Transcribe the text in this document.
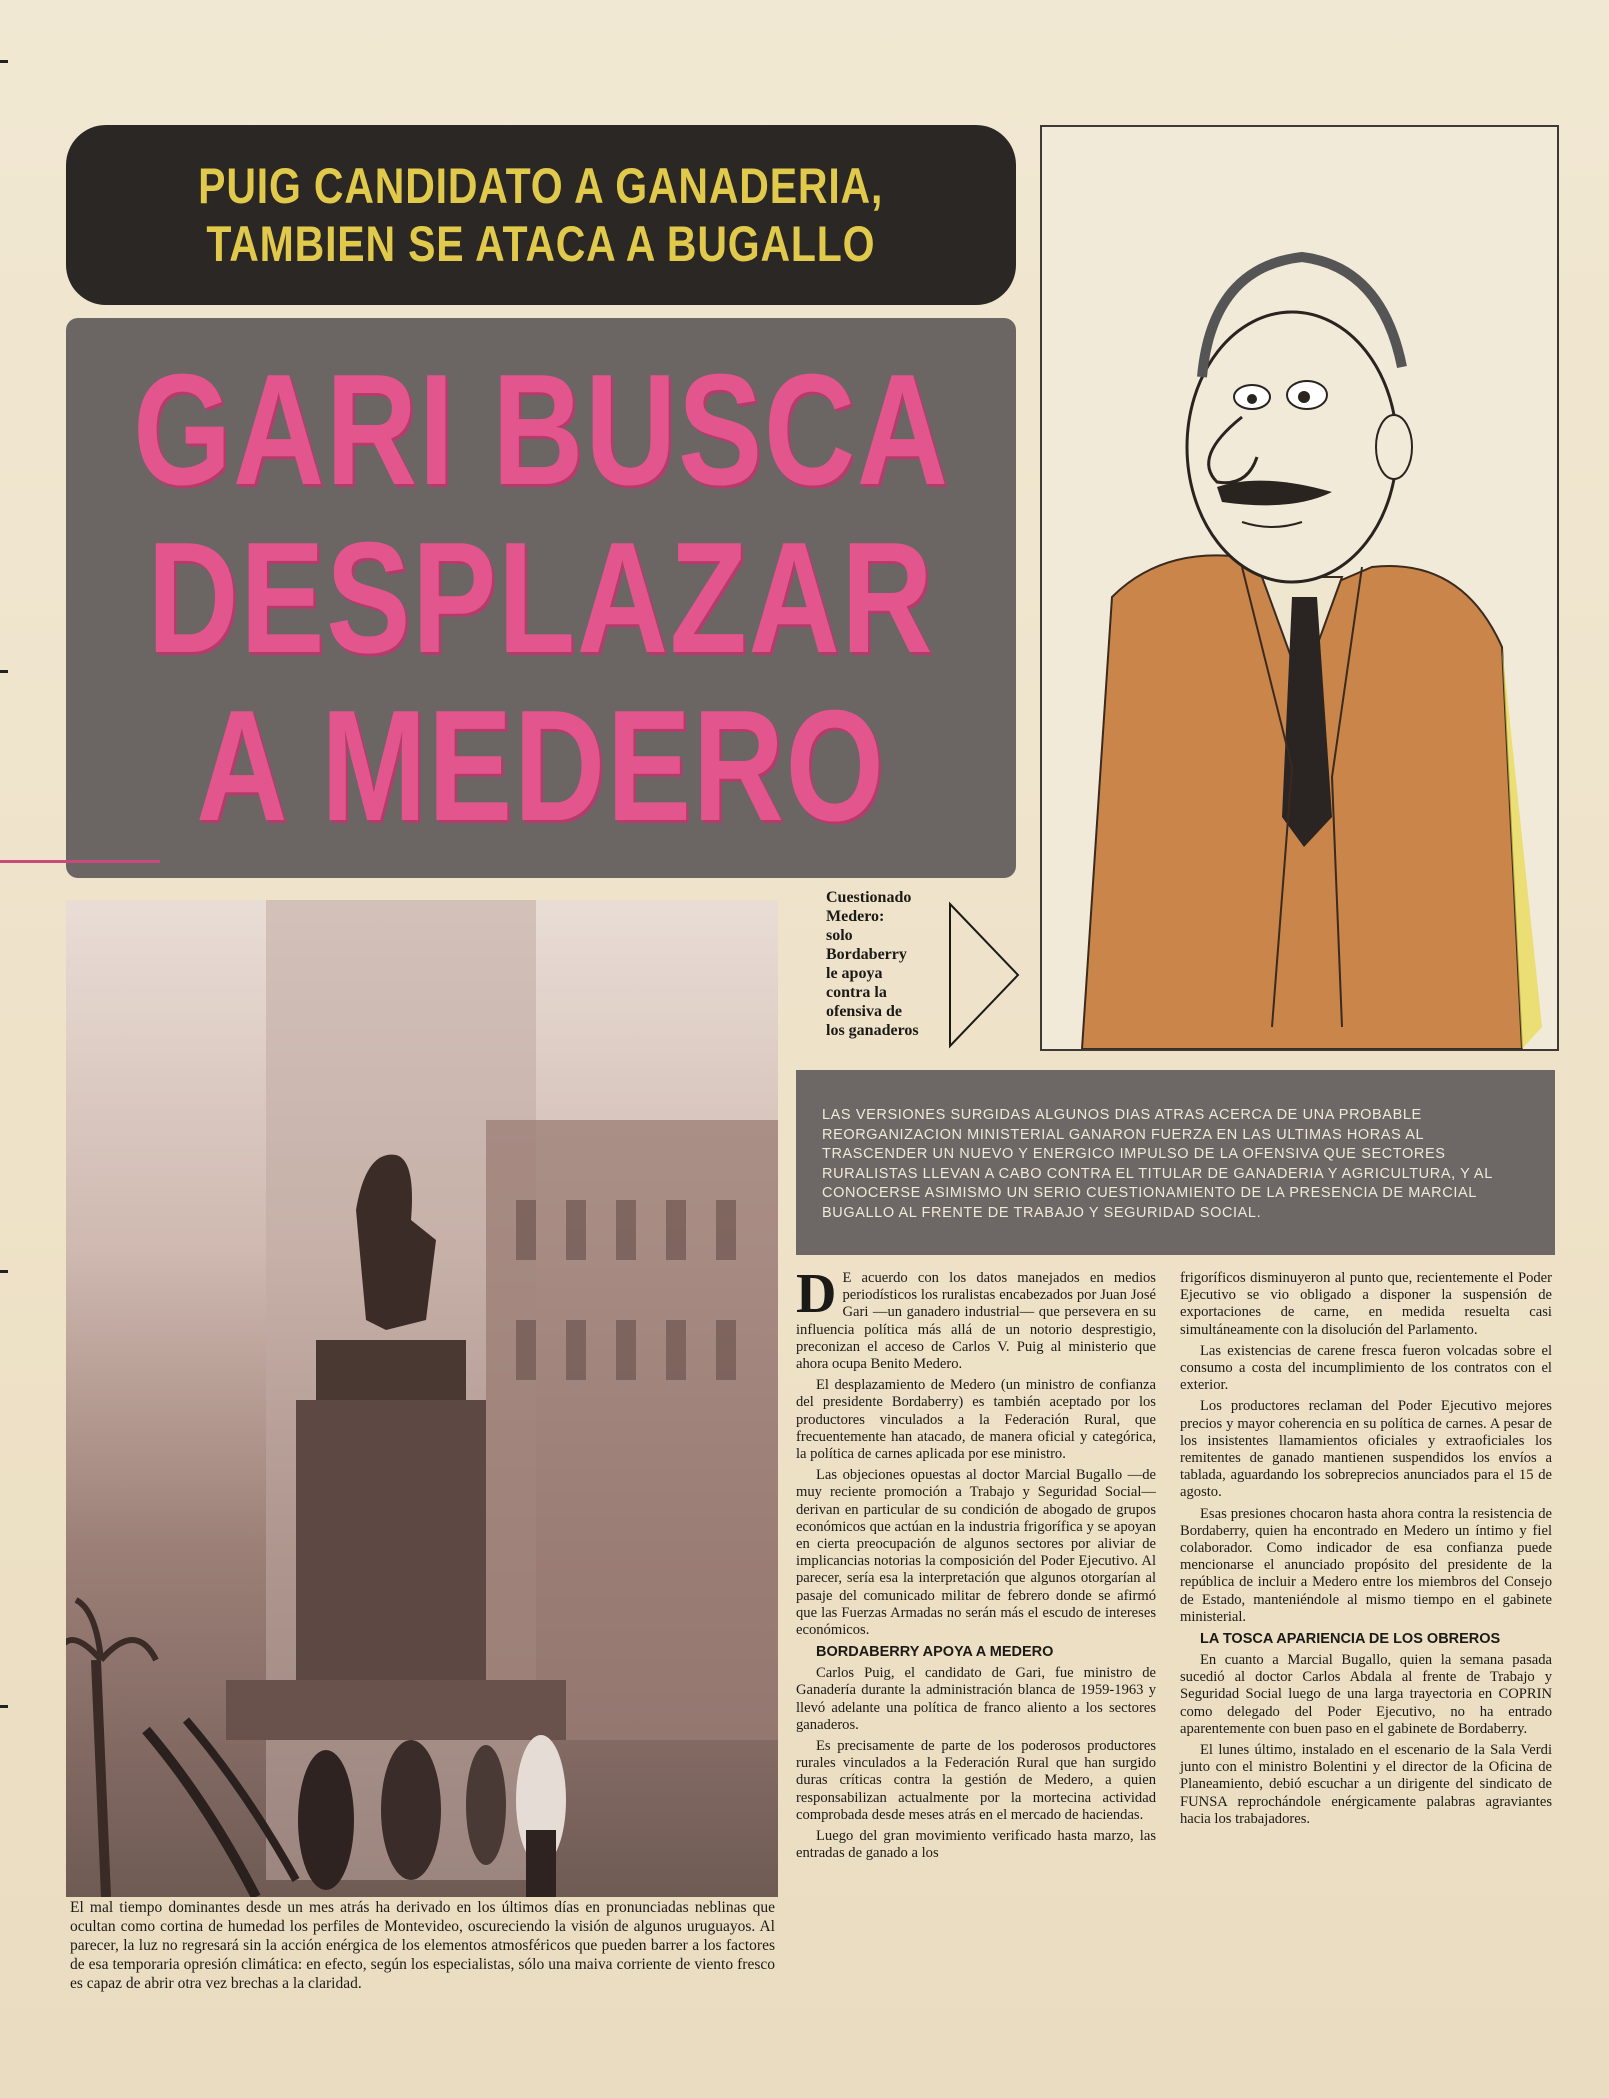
PUIG CANDIDATO A GANADERIA,
TAMBIEN SE ATACA A BUGALLO
GARI BUSCA
DESPLAZAR
A MEDERO
Cuestionado
Medero:
solo
Bordaberry
le apoya
contra la
ofensiva de
los ganaderos
El mal tiempo dominantes desde un mes atrás ha derivado en los últimos días en pronunciadas neblinas que ocultan como cortina de humedad los perfiles de Montevideo, oscureciendo la visión de algunos uruguayos. Al parecer, la luz no regresará sin la acción enérgica de los elementos atmosféricos que pueden barrer a los factores de esa temporaria opresión climática: en efecto, según los especialistas, sólo una maiva corriente de viento fresco es capaz de abrir otra vez brechas a la claridad.
LAS VERSIONES SURGIDAS ALGUNOS DIAS ATRAS ACERCA DE UNA PROBABLE REORGANIZACION MINISTERIAL GANARON FUERZA EN LAS ULTIMAS HORAS AL TRASCENDER UN NUEVO Y ENERGICO IMPULSO DE LA OFENSIVA QUE SECTORES RURALISTAS LLEVAN A CABO CONTRA EL TITULAR DE GANADERIA Y AGRICULTURA, Y AL CONOCERSE ASIMISMO UN SERIO CUESTIONAMIENTO DE LA PRESENCIA DE MARCIAL BUGALLO AL FRENTE DE TRABAJO Y SEGURIDAD SOCIAL.

D E acuerdo con los datos manejados en medios periodísticos los ruralistas encabezados por Juan José Gari —un ganadero industrial— que persevera en su influencia política más allá de un notorio desprestigio, preconizan el acceso de Carlos V. Puig al ministerio que ahora ocupa Benito Medero.

El desplazamiento de Medero (un ministro de confianza del presidente Bordaberry) es también aceptado por los productores vinculados a la Federación Rural, que frecuentemente han atacado, de manera oficial y categórica, la política de carnes aplicada por ese ministro.

Las objeciones opuestas al doctor Marcial Bugallo —de muy reciente promoción a Trabajo y Seguridad Social— derivan en particular de su condición de abogado de grupos económicos que actúan en la industria frigorífica y se apoyan en cierta preocupación de algunos sectores por aliviar de implicancias notorias la composición del Poder Ejecutivo. Al parecer, sería esa la interpretación que algunos otorgarían al pasaje del comunicado militar de febrero donde se afirmó que las Fuerzas Armadas no serán más el escudo de intereses económicos.

BORDABERRY APOYA A MEDERO

Carlos Puig, el candidato de Gari, fue ministro de Ganadería durante la administración blanca de 1959-1963 y llevó adelante una política de franco aliento a los sectores ganaderos.

Es precisamente de parte de los poderosos productores rurales vinculados a la Federación Rural que han surgido duras críticas contra la gestión de Medero, a quien responsabilizan actualmente por la mortecina actividad comprobada desde meses atrás en el mercado de haciendas.

Luego del gran movimiento verificado hasta marzo, las entradas de ganado a los

frigoríficos disminuyeron al punto que, recientemente el Poder Ejecutivo se vio obligado a disponer la suspensión de exportaciones de carne, en medida resuelta casi simultáneamente con la disolución del Parlamento.

Las existencias de carene fresca fueron volcadas sobre el consumo a costa del incumplimiento de los contratos con el exterior.

Los productores reclaman del Poder Ejecutivo mejores precios y mayor coherencia en su política de carnes. A pesar de los insistentes llamamientos oficiales y extraoficiales los remitentes de ganado mantienen suspendidos los envíos a tablada, aguardando los sobreprecios anunciados para el 15 de agosto.

Esas presiones chocaron hasta ahora contra la resistencia de Bordaberry, quien ha encontrado en Medero un íntimo y fiel colaborador. Como indicador de esa confianza puede mencionarse el anunciado propósito del presidente de la república de incluir a Medero entre los miembros del Consejo de Estado, manteniéndole al mismo tiempo en el gabinete ministerial.

LA TOSCA APARIENCIA DE LOS OBREROS

En cuanto a Marcial Bugallo, quien la semana pasada sucedió al doctor Carlos Abdala al frente de Trabajo y Seguridad Social luego de una larga trayectoria en COPRIN como delegado del Poder Ejecutivo, no ha entrado aparentemente con buen paso en el gabinete de Bordaberry.

El lunes último, instalado en el escenario de la Sala Verdi junto con el ministro Bolentini y el director de la Oficina de Planeamiento, debió escuchar a un dirigente del sindicato de FUNSA reprochándole enérgicamente palabras agraviantes hacia los trabajadores.
